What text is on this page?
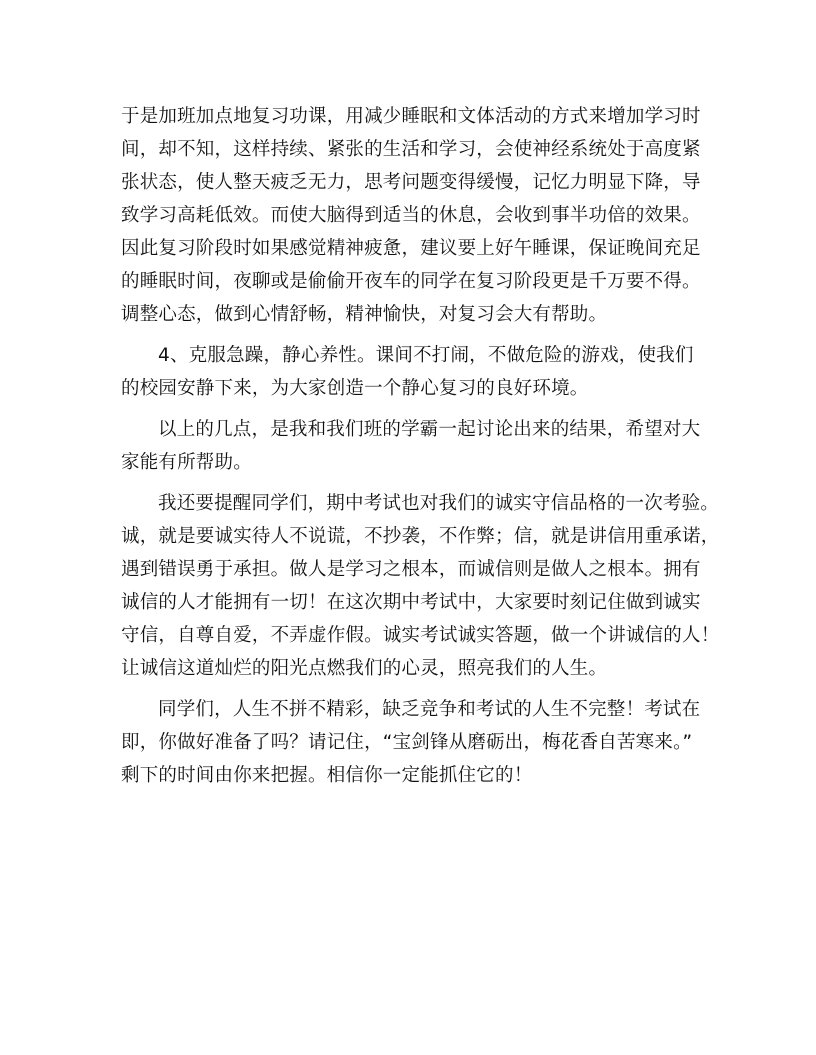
于是加班加点地复习功课，用减少睡眠和文体活动的方式来增加学习时
间，却不知，这样持续、紧张的生活和学习，会使神经系统处于高度紧
张状态，使人整天疲乏无力，思考问题变得缓慢，记忆力明显下降，导
致学习高耗低效。而使大脑得到适当的休息，会收到事半功倍的效果。
因此复习阶段时如果感觉精神疲惫，建议要上好午睡课，保证晚间充足
的睡眠时间，夜聊或是偷偷开夜车的同学在复习阶段更是千万要不得。
调整心态，做到心情舒畅，精神愉快，对复习会大有帮助。
4、克服急躁，静心养性。课间不打闹，不做危险的游戏，使我们
的校园安静下来，为大家创造一个静心复习的良好环境。
以上的几点，是我和我们班的学霸一起讨论出来的结果，希望对大
家能有所帮助。
我还要提醒同学们，期中考试也对我们的诚实守信品格的一次考验。
诚，就是要诚实待人不说谎，不抄袭，不作弊；信，就是讲信用重承诺，
遇到错误勇于承担。做人是学习之根本，而诚信则是做人之根本。拥有
诚信的人才能拥有一切！在这次期中考试中，大家要时刻记住做到诚实
守信，自尊自爱，不弄虚作假。诚实考试诚实答题，做一个讲诚信的人！
让诚信这道灿烂的阳光点燃我们的心灵，照亮我们的人生。
同学们，人生不拼不精彩，缺乏竞争和考试的人生不完整！考试在
即，你做好准备了吗？请记住，“宝剑锋从磨砺出，梅花香自苦寒来。”
剩下的时间由你来把握。相信你一定能抓住它的！
